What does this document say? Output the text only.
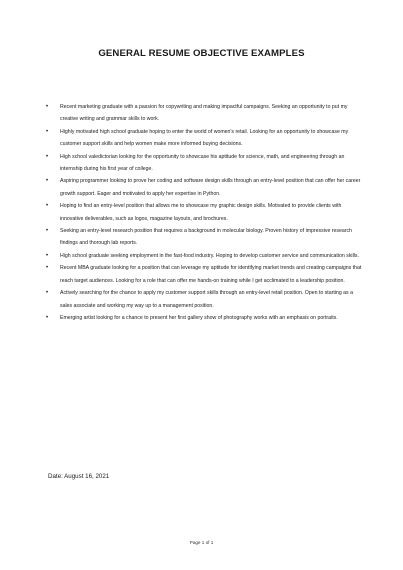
GENERAL RESUME OBJECTIVE EXAMPLES
• Recent marketing graduate with a passion for copywriting and making impactful campaigns. Seeking an opportunity to put my creative writing and grammar skills to work.
• Highly motivated high school graduate hoping to enter the world of women's retail. Looking for an opportunity to showcase my customer support skills and help women make more informed buying decisions.
• High school valedictorian looking for the opportunity to showcase his aptitude for science, math, and engineering through an internship during his first year of college.
• Aspiring programmer looking to prove her coding and software design skills through an entry-level position that can offer her career growth support. Eager and motivated to apply her expertise in Python.
• Hoping to find an entry-level position that allows me to showcase my graphic design skills. Motivated to provide clients with innovative deliverables, such as logos, magazine layouts, and brochures.
• Seeking an entry-level research position that requires a background in molecular biology. Proven history of impressive research findings and thorough lab reports.
• High school graduate seeking employment in the fast-food industry. Hoping to develop customer service and communication skills.
• Recent MBA graduate looking for a position that can leverage my aptitude for identifying market trends and creating campaigns that reach target audiences. Looking for a role that can offer me hands-on training while I get acclimated to a leadership position.
• Actively searching for the chance to apply my customer support skills through an entry-level retail position. Open to starting as a sales associate and working my way up to a management position.
• Emerging artist looking for a chance to present her first gallery show of photography works with an emphasis on portraits.
Date: August 16, 2021
Page 1 of 1
